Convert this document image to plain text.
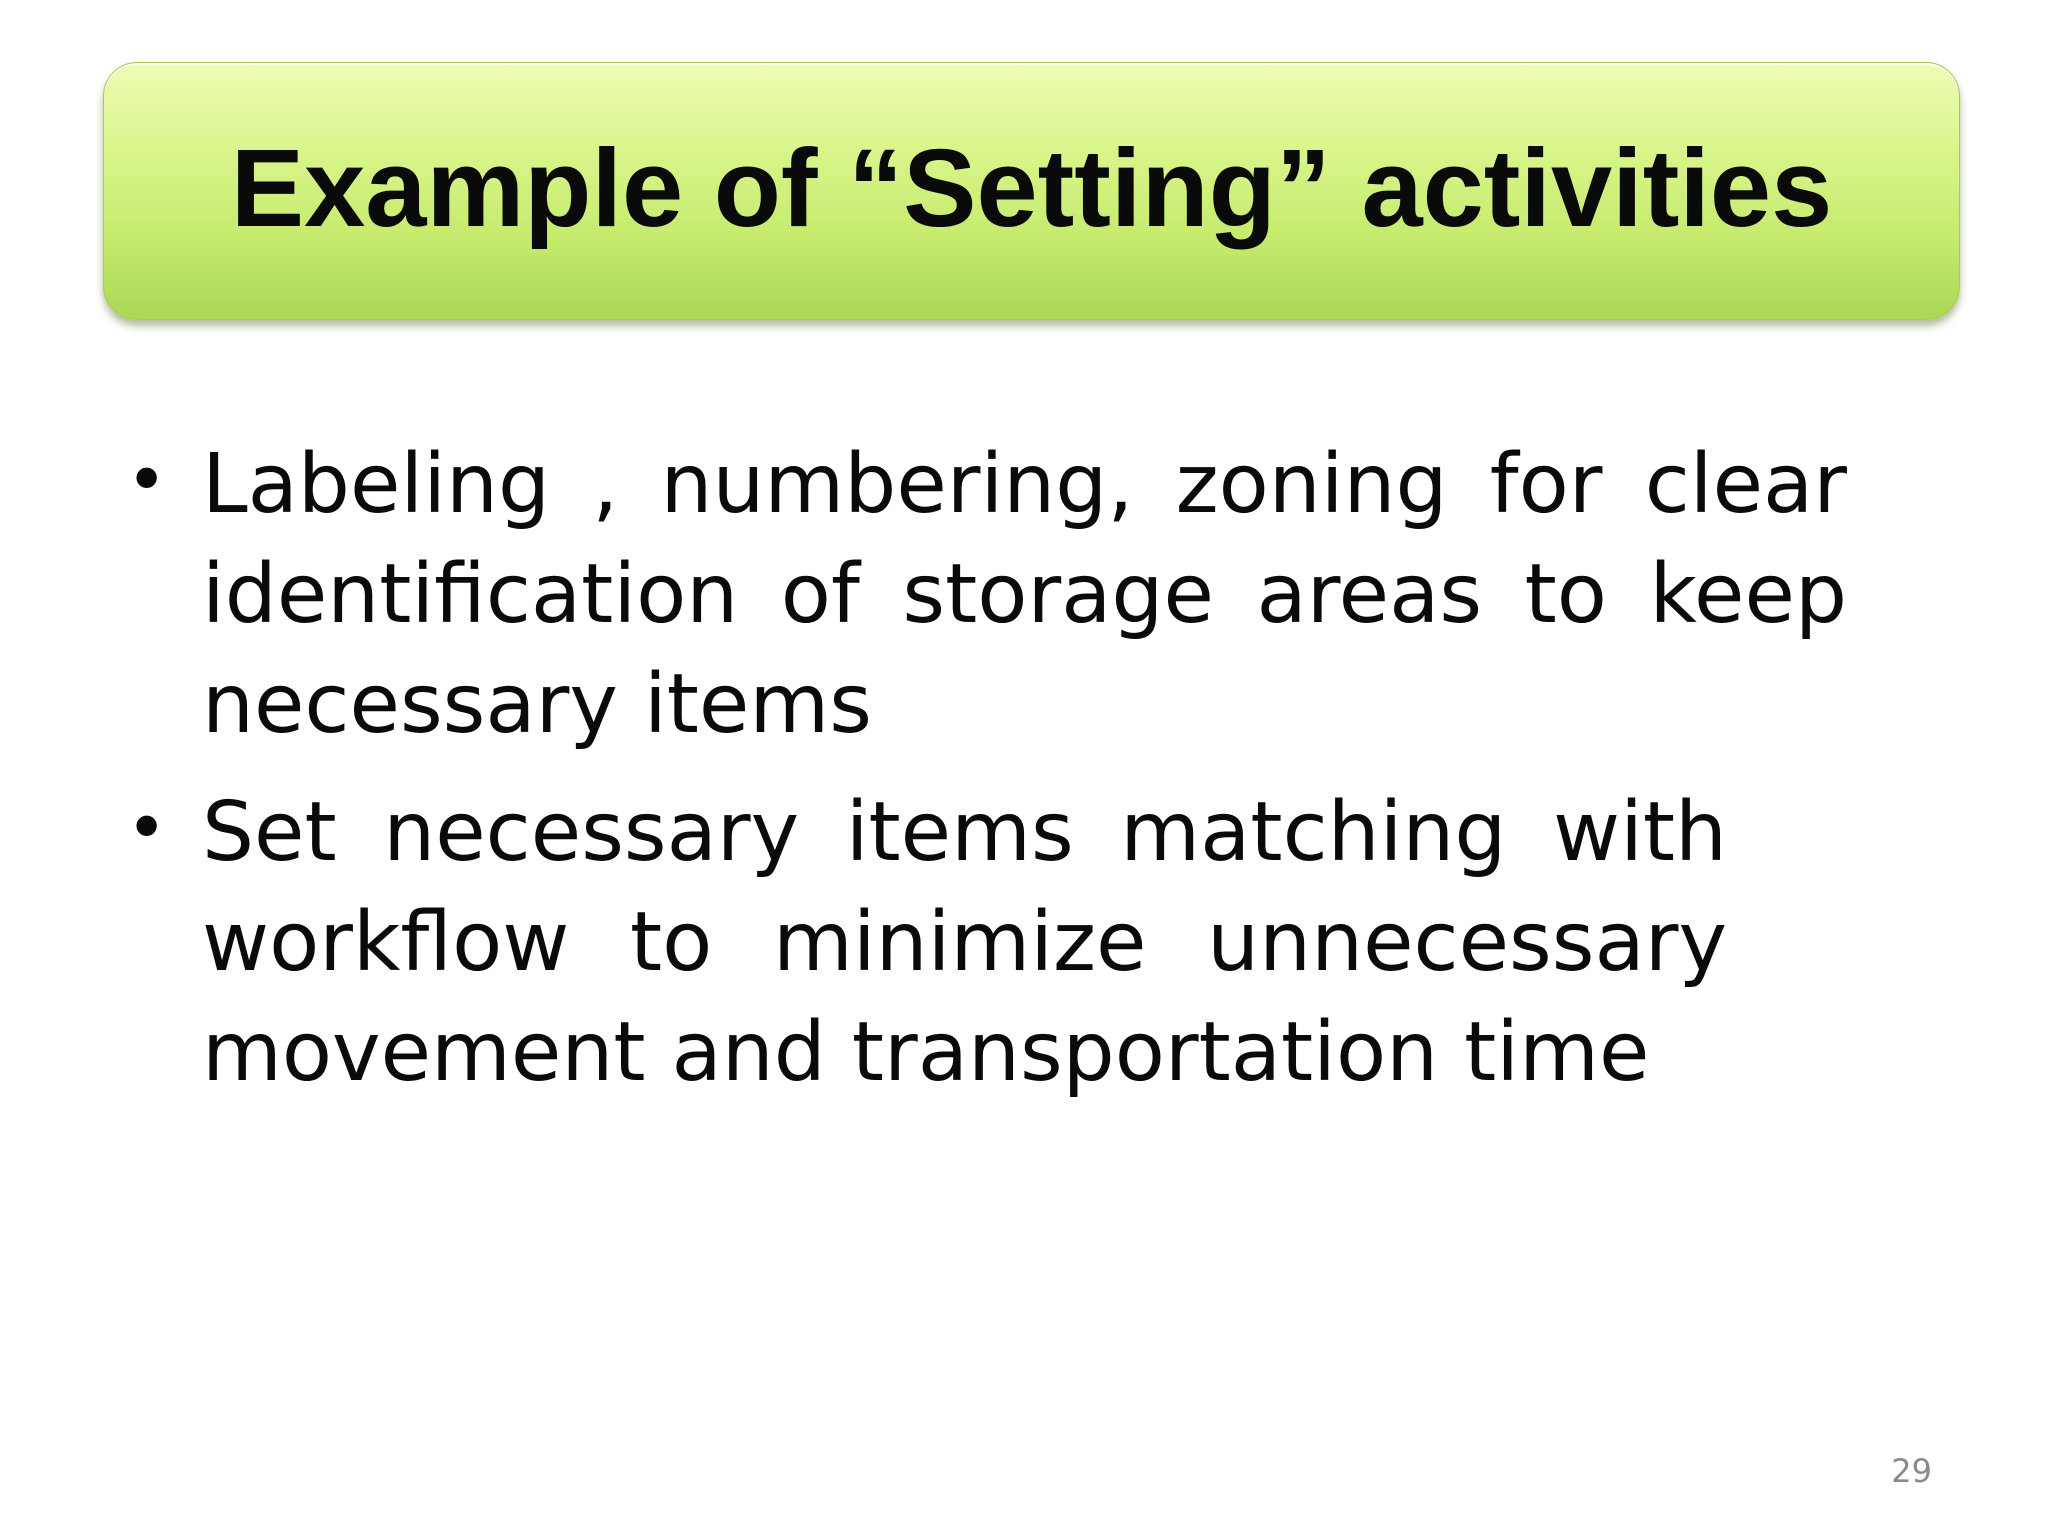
Example of “Setting” activities
• Labeling , numbering, zoning for clear identification of storage areas to keep necessary items
• Set necessary items matching with workflow to minimize unnecessary movement and transportation time
29
